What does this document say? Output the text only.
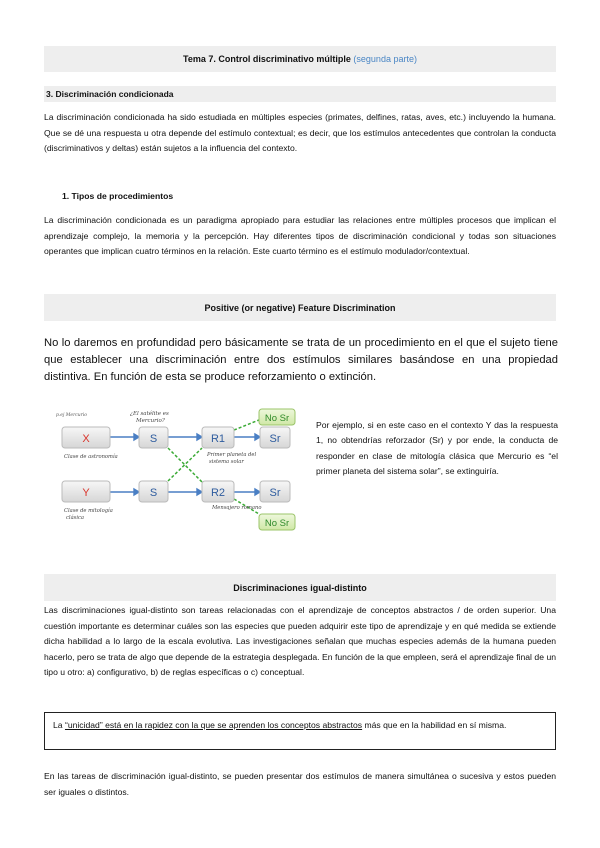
Tema 7. Control discriminativo múltiple
(segunda parte)
3. Discriminación condicionada

La discriminación condicionada ha sido estudiada en múltiples especies (primates, delfines, ratas, aves, etc.) incluyendo la humana. Que se dé una respuesta u otra depende del estímulo contextual; es decir, que los estímulos antecedentes que controlan la conducta (discriminativos y deltas) están sujetos a la influencia del contexto.

1. Tipos de procedimientos

La discriminación condicionada es un paradigma apropiado para estudiar las relaciones entre múltiples procesos que implican el aprendizaje complejo, la memoria y la percepción. Hay diferentes tipos de discriminación condicional y todas son situaciones operantes que implican cuatro términos en la relación. Este cuarto término es el estímulo modulador/contextual.

Positive (or negative) Feature Discrimination

No lo daremos en profundidad pero básicamente se trata de un procedimiento en el que el sujeto tiene que establecer una discriminación entre dos estímulos similares basándose en una propiedad distintiva. En función de esta se produce reforzamiento o extinción.

p.ej Mercurio	¿El satélite es
Mercurio?
X
Y
S
S
R1
R2
Sr
Sr
No Sr
No Sr
Clase de astronomía
Clase de mitología
clásica
Primer planeta del
sistema solar
Mensajero romano

Por ejemplo, si en este caso en el contexto Y das la respuesta 1, no obtendrías reforzador (Sr) y por ende, la conducta de responder en clase de mitología clásica que Mercurio es “el primer planeta del sistema solar”, se extinguiría.

Discriminaciones igual-distinto

Las discriminaciones igual-distinto son tareas relacionadas con el aprendizaje de conceptos abstractos / de orden superior. Una cuestión importante es determinar cuáles son las especies que pueden adquirir este tipo de aprendizaje y en qué medida se extiende dicha habilidad a lo largo de la escala evolutiva. Las investigaciones señalan que muchas especies además de la humana pueden hacerlo, pero se trata de algo que depende de la estrategia desplegada. En función de la que empleen, será el aprendizaje final de un tipo u otro: a) configurativo, b) de reglas específicas o c) conceptual.

La “unicidad” está en la rapidez con la que se aprenden los conceptos abstractos más que en la habilidad en sí misma.

En las tareas de discriminación igual-distinto, se pueden presentar dos estímulos de manera simultánea o sucesiva y estos pueden ser iguales o distintos.
